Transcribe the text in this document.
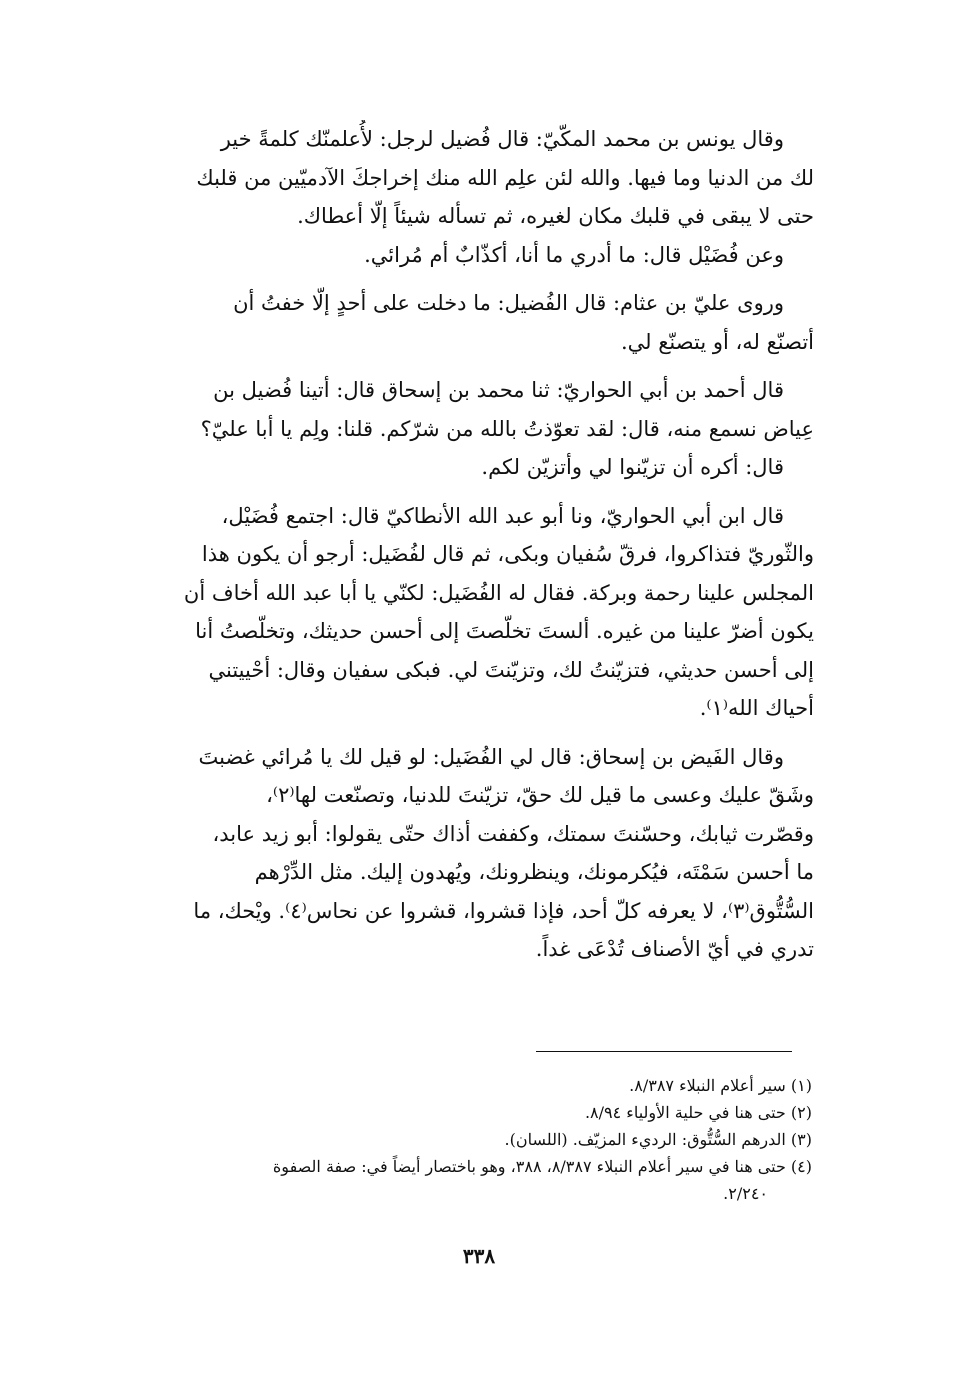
وقال يونس بن محمد المكّيّ: قال فُضيل لرجل: لأُعلمنّك كلمةً خير
لك من الدنيا وما فيها. والله لئن علِم الله منك إخراجكَ الآدميّين من قلبك
حتى لا يبقى في قلبك مكان لغيره، ثم تسأله شيئاً إلّا أعطاك.
وعن فُضَيْل قال: ما أدري ما أنا، أكذّابٌ أم مُرائي.
وروى عليّ بن عثام: قال الفُضيل: ما دخلت على أحدٍ إلّا خفتُ أن
أتصنّع له، أو يتصنّع لي.
قال أحمد بن أبي الحواريّ: ثنا محمد بن إسحاق قال: أتينا فُضيل بن
عِياض نسمع منه، قال: لقد تعوّذتُ بالله من شرّكم. قلنا: ولِم يا أبا عليّ؟
قال: أكره أن تزيّنوا لي وأتزيّن لكم.
قال ابن أبي الحواريّ، ونا أبو عبد الله الأنطاكيّ قال: اجتمع فُضَيْل،
والثّوريّ فتذاكروا، فرقّ سُفيان وبكى، ثم قال لفُضَيل: أرجو أن يكون هذا
المجلس علينا رحمة وبركة. فقال له الفُضَيل: لكنّي يا أبا عبد الله أخاف أن
يكون أضرّ علينا من غيره. ألستَ تخلّصتَ إلى أحسن حديثك، وتخلّصتُ أنا
إلى أحسن حديثي، فتزيّنتُ لك، وتزيّنتَ لي. فبكى سفيان وقال: أحْييتني
أحياك الله⁽١⁾.
وقال الفَيض بن إسحاق: قال لي الفُضَيل: لو قيل لك يا مُرائي غضبتَ
وشَقّ عليك وعسى ما قيل لك حقّ، تزيّنتَ للدنيا، وتصنّعت لها⁽٢⁾،
وقصّرت ثيابك، وحسّنتَ سمتك، وكففت أذاك حتّى يقولوا: أبو زيد عابد،
ما أحسن سَمْتَه، فيُكرمونك، وينظرونك، ويُهدون إليك. مثل الدِّرْهم
السُّتُّوق⁽٣⁾، لا يعرفه كلّ أحد، فإذا قشروا، قشروا عن نحاس⁽٤⁾. ويْحك، ما
تدري في أيّ الأصناف تُدْعَى غداً.
(١) سير أعلام النبلاء ٨/٣٨٧.
(٢) حتى هنا في حلية الأولياء ٨/٩٤.
(٣) الدرهم السُّتُّوق: الرديء المزيّف. (اللسان).
(٤) حتى هنا في سير أعلام النبلاء ٨/٣٨٧، ٣٨٨، وهو باختصار أيضاً في: صفة الصفوة
٢/٢٤٠.
٣٣٨
